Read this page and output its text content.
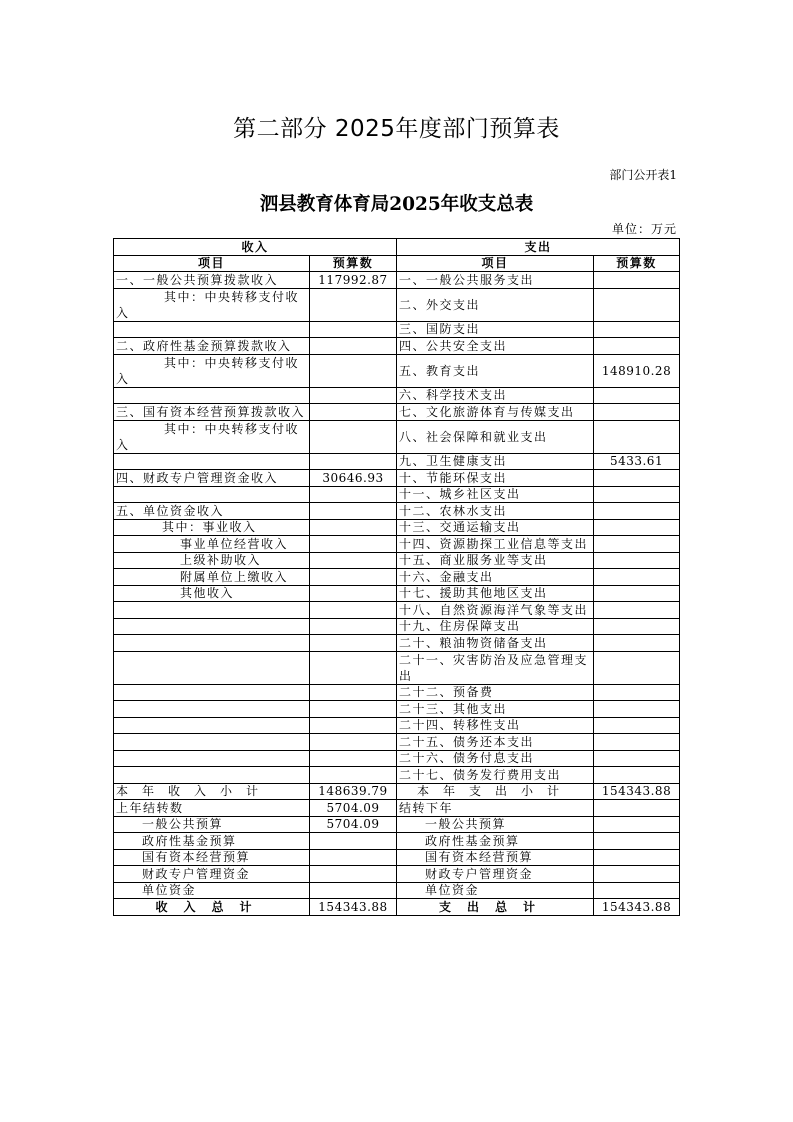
第二部分 2025年度部门预算表
部门公开表1
泗县教育体育局2025年收支总表
单位：万元
收入		支出	
项目	预算数	项目	预算数
一、一般公共预算拨款收入	117992.87	一、一般公共服务支出	
其中：中央转移支付收入		二、外交支出	
		三、国防支出	
二、政府性基金预算拨款收入		四、公共安全支出	
其中：中央转移支付收入		五、教育支出	148910.28
		六、科学技术支出	
三、国有资本经营预算拨款收入		七、文化旅游体育与传媒支出	
其中：中央转移支付收入		八、社会保障和就业支出	
		九、卫生健康支出	5433.61
四、财政专户管理资金收入	30646.93	十、节能环保支出	
		十一、城乡社区支出	
五、单位资金收入		十二、农林水支出	
其中：事业收入		十三、交通运输支出	
事业单位经营收入		十四、资源勘探工业信息等支出	
上级补助收入		十五、商业服务业等支出	
附属单位上缴收入		十六、金融支出	
其他收入		十七、援助其他地区支出	
		十八、自然资源海洋气象等支出	
		十九、住房保障支出	
		二十、粮油物资储备支出	
		二十一、灾害防治及应急管理支出	
		二十二、预备费	
		二十三、其他支出	
		二十四、转移性支出	
		二十五、债务还本支出	
		二十六、债务付息支出	
		二十七、债务发行费用支出	
本年收入小计	148639.79	本年支出小计	154343.88
上年结转数	5704.09	结转下年	
一般公共预算	5704.09	一般公共预算	
政府性基金预算		政府性基金预算	
国有资本经营预算		国有资本经营预算	
财政专户管理资金		财政专户管理资金	
单位资金		单位资金	
收入总计	154343.88	支出总计	154343.88
